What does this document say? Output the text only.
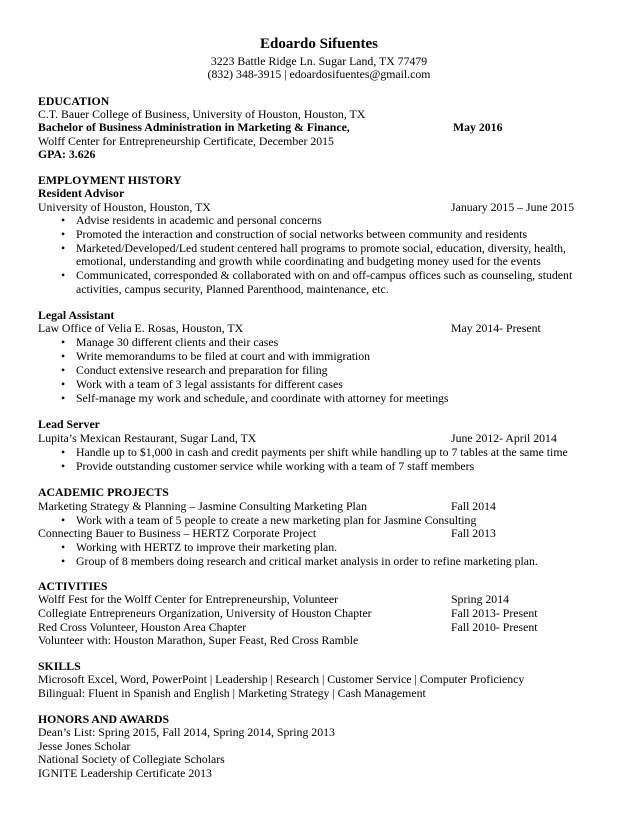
Edoardo Sifuentes
3223 Battle Ridge Ln. Sugar Land, TX 77479
(832) 348-3915 | edoardosifuentes@gmail.com
EDUCATION
C.T. Bauer College of Business, University of Houston, Houston, TX
Bachelor of Business Administration in Marketing & Finance,	May 2016
Wolff Center for Entrepreneurship Certificate, December 2015
GPA: 3.626
EMPLOYMENT HISTORY
Resident Advisor
University of Houston, Houston, TX	January 2015 – June 2015
• Advise residents in academic and personal concerns
• Promoted the interaction and construction of social networks between community and residents
• Marketed/Developed/Led student centered hall programs to promote social, education, diversity, health,
emotional, understanding and growth while coordinating and budgeting money used for the events
• Communicated, corresponded & collaborated with on and off-campus offices such as counseling, student
activities, campus security, Planned Parenthood, maintenance, etc.
Legal Assistant
Law Office of Velia E. Rosas, Houston, TX	May 2014- Present
• Manage 30 different clients and their cases
• Write memorandums to be filed at court and with immigration
• Conduct extensive research and preparation for filing
• Work with a team of 3 legal assistants for different cases
• Self-manage my work and schedule, and coordinate with attorney for meetings
Lead Server
Lupita’s Mexican Restaurant, Sugar Land, TX	June 2012- April 2014
• Handle up to $1,000 in cash and credit payments per shift while handling up to 7 tables at the same time
• Provide outstanding customer service while working with a team of 7 staff members
ACADEMIC PROJECTS
Marketing Strategy & Planning – Jasmine Consulting Marketing Plan	Fall 2014
• Work with a team of 5 people to create a new marketing plan for Jasmine Consulting
Connecting Bauer to Business – HERTZ Corporate Project	Fall 2013
• Working with HERTZ to improve their marketing plan.
• Group of 8 members doing research and critical market analysis in order to refine marketing plan.
ACTIVITIES
Wolff Fest for the Wolff Center for Entrepreneurship, Volunteer	Spring 2014
Collegiate Entrepreneurs Organization, University of Houston Chapter	Fall 2013- Present
Red Cross Volunteer, Houston Area Chapter	Fall 2010- Present
Volunteer with: Houston Marathon, Super Feast, Red Cross Ramble
SKILLS
Microsoft Excel, Word, PowerPoint | Leadership | Research | Customer Service | Computer Proficiency
Bilingual: Fluent in Spanish and English | Marketing Strategy | Cash Management
HONORS AND AWARDS
Dean’s List: Spring 2015, Fall 2014, Spring 2014, Spring 2013
Jesse Jones Scholar
National Society of Collegiate Scholars
IGNITE Leadership Certificate 2013
